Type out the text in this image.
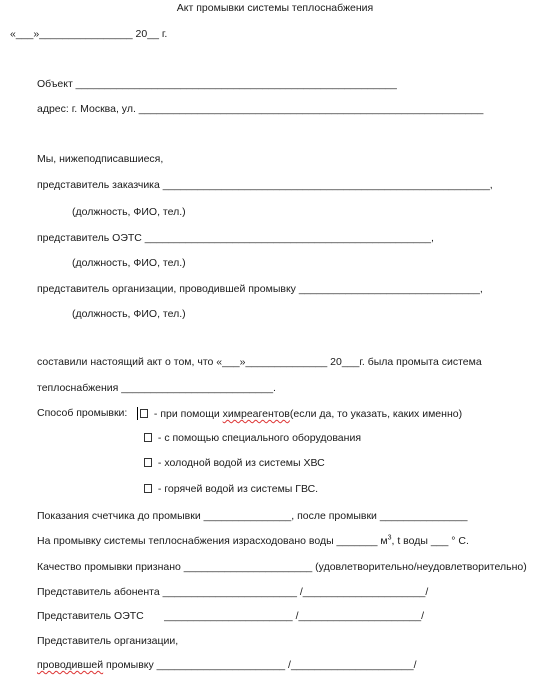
Акт промывки системы теплоснабжения
«___»________________ 20__ г.
Объект _______________________________________________________
адрес: г. Москва, ул. ___________________________________________________________
Мы, нижеподписавшиеся,
представитель заказчика ________________________________________________________,
(должность, ФИО, тел.)
представитель ОЭТС _________________________________________________,
(должность, ФИО, тел.)
представитель организации, проводившей промывку _______________________________,
(должность, ФИО, тел.)
составили настоящий акт о том, что «___»______________ 20___г. была промыта система
теплоснабжения __________________________.
Способ промывки:	- при помощи химреагентов(если да, то указать, каких именно)
- с помощью специального оборудования
- холодной водой из системы ХВС
- горячей водой из системы ГВС.
Показания счетчика до промывки _______________, после промывки _______________
На промывку системы теплоснабжения израсходовано воды _______ $м^3$, t воды ___ ° С.
Качество промывки признано ______________________ (удовлетворительно/неудовлетворительно)
Представитель абонента _______________________ /_____________________/
Представитель ОЭТС       ______________________ /_____________________/
Представитель организации,
проводившей промывку ______________________ /_____________________/
